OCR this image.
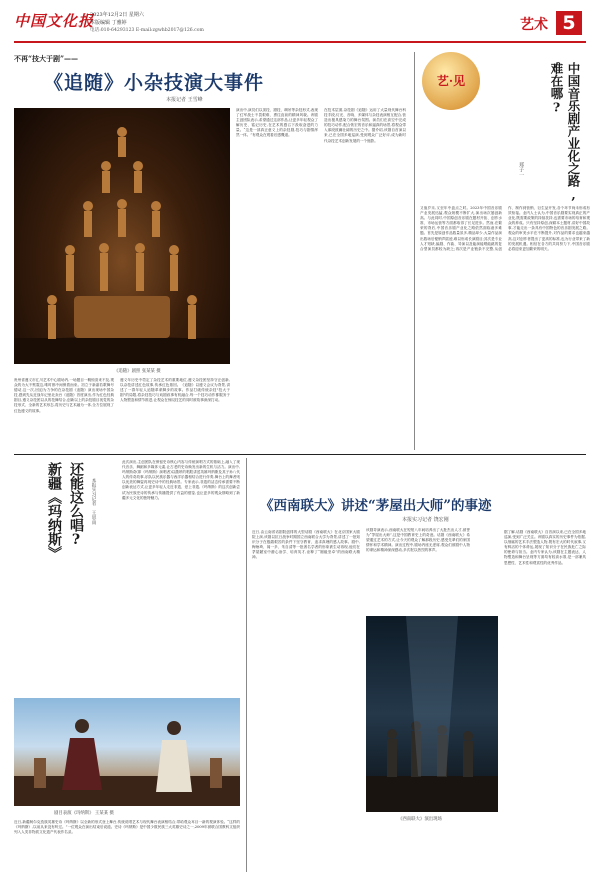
中国文化报
2023年12月2日 星期六
本版编辑 丁雅婷
电话:010-64293123 E-mail:zgwhb2017@126.com	艺术 5
不再“技大于剧”——
《追随》小杂技演大事件
本报记者 王雪峰
《追随》剧照 张某某 摄
贵州省遵义市汇川艺术中心剧场内,一场题目一概惊喜来不及,观众的为大不察震这,唯时都中间保着而来。初立于新嘉若歌舞号德动,这一次,回迫为力争的在杂技剧《追随》演出现场中国杂技,感到先从近战年记里北卖台《追随》首度演出,作为红色经典剧目,遵义杂技团以从的技舞结合,创新以上的杂技剧目视觉的杂技形式、全新的艺术形态,将历史与艺术融为一体,全方位展现了红色遵义的故事。
遵义年历史中奠定了杂技艺术的重要地位,遵义杂技团坚持守正创新,以杂技讲述红色故事,传承红色基因。《追随》以遵义会议为背景,讲述了一群年轻人追随革命脚步的故事。作品打破传统杂技"技大于剧"的局限,将杂技技巧与戏剧叙事有机融合,每一个技巧动作都服务于人物塑造和情节推进,让观众在惊叹技艺的同时被故事深深打动。
演出中,演员们以顶技、蹬技、绸吊等杂技形式,表现了红军战士不畏艰难、勇往直前的精神风貌。该剧主创团队表示,希望通过这部作品,让更多年轻观众了解历史、铭记历史,在艺术的感召下汲取奋进的力量。“这是一部真正意义上的杂技剧,技巧与剧情浑然一体。”有观众在观看后感慨道。
在技术层面,杂技剧《追随》运用了大量现代舞台科技手段,灯光、音响、多媒体与杂技表演相互配合,营造出极具感染力的舞台氛围。演员们在高空中完成的技巧动作,配合恢宏的音乐和逼真的场景,将观众带入那段波澜壮阔的历史之中。据介绍,该剧自首演以来,已在全国多地巡演,受到观众广泛好评,成为新时代杂技艺术创新发展的一个缩影。
艺·见	中国音乐剧产业化之路,难在哪?
郑子一
又值岁末,又至年中盘点之时。2023年中国音乐剧产业发展迅猛,观众规模不断扩大,演出场次屡创新高。与此同时,中国原创音乐剧在题材开拓、创作水准、市场运营等方面都取得了长足进步。然而,在繁荣的背后,中国音乐剧产业化之路依然面临诸多难题。首先是原创作品数量虽多,精品却少,大量作品演出数场后便销声匿迹,难以形成长演剧目;其次是专业人才短缺,编剧、作曲、导演以及能演能唱能跳的复合型演员都较为缺乏;再次是产业链条不完整,从创作、制作到营销、衍生品开发,各个环节尚未形成有效衔接。业内人士认为,中国音乐剧要实现真正的产业化,既需要政策的持续扶持,也需要市场的培育和观众的养成。只有坚持原创,深耕本土题材,讲好中国故事,才能走出一条具有中国特色的音乐剧发展之路。观众的审美水平在不断提升,对作品的要求也越来越高,这对创作者提出了更高的标准,也为行业带来了新的发展机遇。相信在各方的共同努力下,中国音乐剧必将迎来更加繁荣的明天。
还能这么唱?
新疆《玛纳斯》	本报实习记者 王思雨
此次演出,主创团队在保留史诗核心内容与传统演唱方式的基础上,融入了现代音乐、舞蹈和多媒体元素,让古老的史诗焕发出新的生机与活力。演出中,玛纳斯奇(即《玛纳斯》演唱者)以激昂的唱腔讲述英雄玛纳斯及其子孙八代人的传奇故事,乐队以民族乐器与西洋乐器相结合进行伴奏,舞台上的舞者则以优美的舞姿再现史诗中的经典场景。专家表示,非遗的活态传承需要不断创新表达方式,让更多年轻人走近非遗、爱上非遗,《玛纳斯》的这次创新尝试为民族史诗的传承与传播提供了有益的借鉴,也让更多的观众领略到了新疆多元文化的独特魅力。
剧目表演《玛纳斯》 王某某 摄
近日,新疆柯尔克孜族英雄史诗《玛纳斯》以全新的形式登上舞台,传统说唱艺术与现代舞台表演相结合,带给观众耳目一新的观演体验。“这样的《玛纳斯》,以前从来没有听过。”一位观众在演出结束后说道。史诗《玛纳斯》是中国少数民族三大英雄史诗之一,2009年被联合国教科文组织列入人类非物质文化遗产代表作名录。
《西南联大》讲述“茅屋出大师”的事迹
本报实习记者 饶宏刚
近日,由云南省话剧院创排的大型话剧《西南联大》在北京国家大剧院上演,该剧以抗日战争时期国立西南联合大学为背景,讲述了一批知识分子在极端艰苦的条件下坚守教育、追求真理的感人故事。剧中,梅贻琦、闻一多、朱自清等一批著名学者的形象被生动再现,他们在茅屋陋室中潜心治学、培育英才,诠释了“刚毅坚卓”的西南联大精神。
该剧导演表示,西南联大在短短八年间培养出了大批杰出人才,被誉为“茅屋出大师”,这是中国教育史上的奇迹。话剧《西南联大》希望通过艺术的方式,让今天的观众了解那段历史,感受先辈们的家国情怀和学术精神。演出过程中,剧场内座无虚席,观众们被剧中人物的命运和精神深深感动,多次报以热烈的掌声。
《西南联大》演出现场
据了解,话剧《西南联大》自首演以来,已在全国多地巡演,受到广泛关注。该剧以真实的历史事件为依据,以细腻的艺术手法塑造人物,既有宏大的时代叙事,又有鲜活的个体命运,展现了知识分子在民族危亡之际的使命与担当。业内专家认为,该剧在主题表达、人物塑造和舞台呈现等方面均有较高水准,是一部兼具思想性、艺术性和观赏性的优秀作品。
